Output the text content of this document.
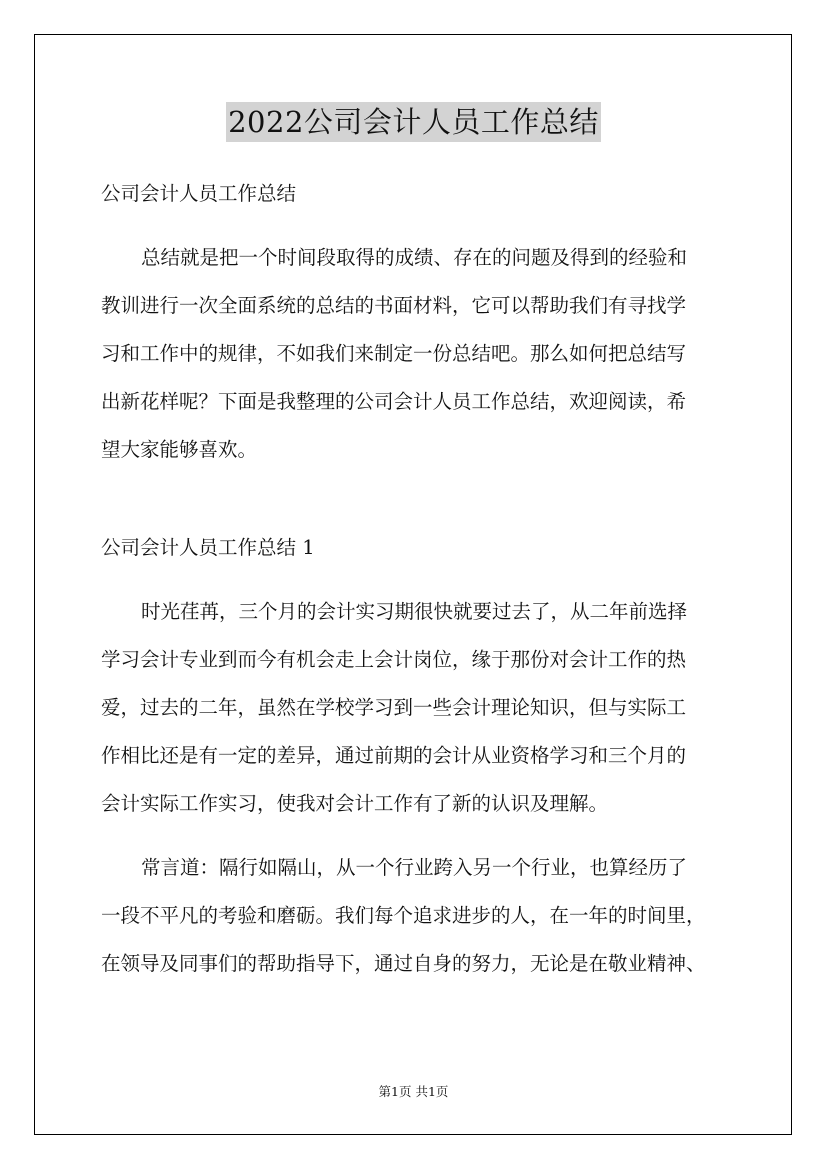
2022公司会计人员工作总结

公司会计人员工作总结

总结就是把一个时间段取得的成绩、存在的问题及得到的经验和
教训进行一次全面系统的总结的书面材料，它可以帮助我们有寻找学
习和工作中的规律，不如我们来制定一份总结吧。那么如何把总结写
出新花样呢？下面是我整理的公司会计人员工作总结，欢迎阅读，希
望大家能够喜欢。

公司会计人员工作总结 1

时光荏苒，三个月的会计实习期很快就要过去了，从二年前选择
学习会计专业到而今有机会走上会计岗位，缘于那份对会计工作的热
爱，过去的二年，虽然在学校学习到一些会计理论知识，但与实际工
作相比还是有一定的差异，通过前期的会计从业资格学习和三个月的
会计实际工作实习，使我对会计工作有了新的认识及理解。

常言道：隔行如隔山，从一个行业跨入另一个行业，也算经历了
一段不平凡的考验和磨砺。我们每个追求进步的人，在一年的时间里，
在领导及同事们的帮助指导下，通过自身的努力，无论是在敬业精神、

第1页 共1页
